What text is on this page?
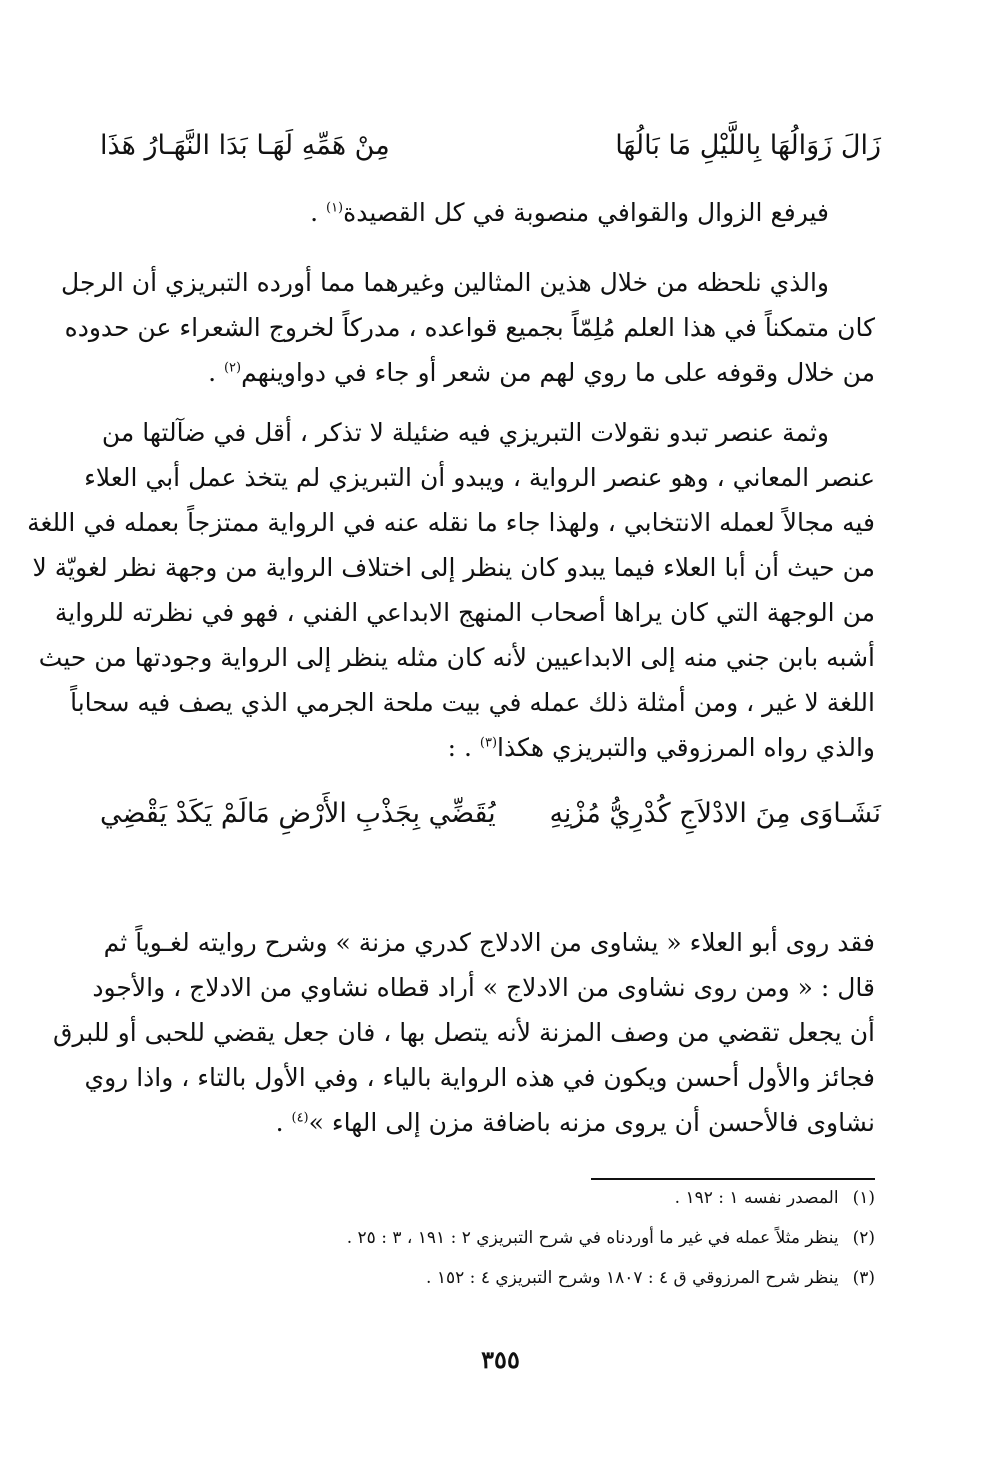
زَالَ زَوَالُهَا بِاللَّيْلِ مَا بَالُهَا
مِنْ هَمِّهِ لَهَـا بَدَا النَّهَـارُ هَذَا
فيرفع الزوال والقوافي منصوبة في كل القصيدة$^{(١)}$ .
والذي نلحظه من خلال هذين المثالين وغيرهما مما أورده التبريزي أن الرجل
كان متمكناً في هذا العلم مُلِمّاً بجميع قواعده ، مدركاً لخروج الشعراء عن حدوده
من خلال وقوفه على ما روي لهم من شعر أو جاء في دواوينهم$^{(٢)}$ .
وثمة عنصر تبدو نقولات التبريزي فيه ضئيلة لا تذكر ، أقل في ضآلتها من
عنصر المعاني ، وهو عنصر الرواية ، ويبدو أن التبريزي لم يتخذ عمل أبي العلاء
فيه مجالاً لعمله الانتخابي ، ولهذا جاء ما نقله عنه في الرواية ممتزجاً بعمله في اللغة
من حيث أن أبا العلاء فيما يبدو كان ينظر إلى اختلاف الرواية من وجهة نظر لغويّة لا
من الوجهة التي كان يراها أصحاب المنهج الابداعي الفني ، فهو في نظرته للرواية
أشبه بابن جني منه إلى الابداعيين لأنه كان مثله ينظر إلى الرواية وجودتها من حيث
اللغة لا غير ، ومن أمثلة ذلك عمله في بيت ملحة الجرمي الذي يصف فيه سحاباً
والذي رواه المرزوقي والتبريزي هكذا$^{(٣)}$ . :
نَشَـاوَى مِنَ الادْلاَجِ كُدْرِيُّ مُزْنِهِ
يُقَضِّي بِجَذْبِ الأَرْضِ مَالَمْ يَكَدْ يَقْضِي
فقد روى أبو العلاء « يشاوى من الادلاج كدري مزنة » وشرح روايته لغـوياً ثم
قال : « ومن روى نشاوى من الادلاج » أراد قطاه نشاوي من الادلاج ، والأجود
أن يجعل تقضي من وصف المزنة لأنه يتصل بها ، فان جعل يقضي للحبى أو للبرق
فجائز والأول أحسن ويكون في هذه الرواية بالياء ، وفي الأول بالتاء ، واذا روي
نشاوى فالأحسن أن يروى مزنه باضافة مزن إلى الهاء »$^{(٤)}$ .
(١)المصدر نفسه ١ : ١٩٢ .
(٢)ينظر مثلاً عمله في غير ما أوردناه في شرح التبريزي ٢ : ١٩١ ، ٣ : ٢٥ .
(٣)ينظر شرح المرزوقي ق ٤ : ١٨٠٧ وشرح التبريزي ٤ : ١٥٢ .
٣٥٥
